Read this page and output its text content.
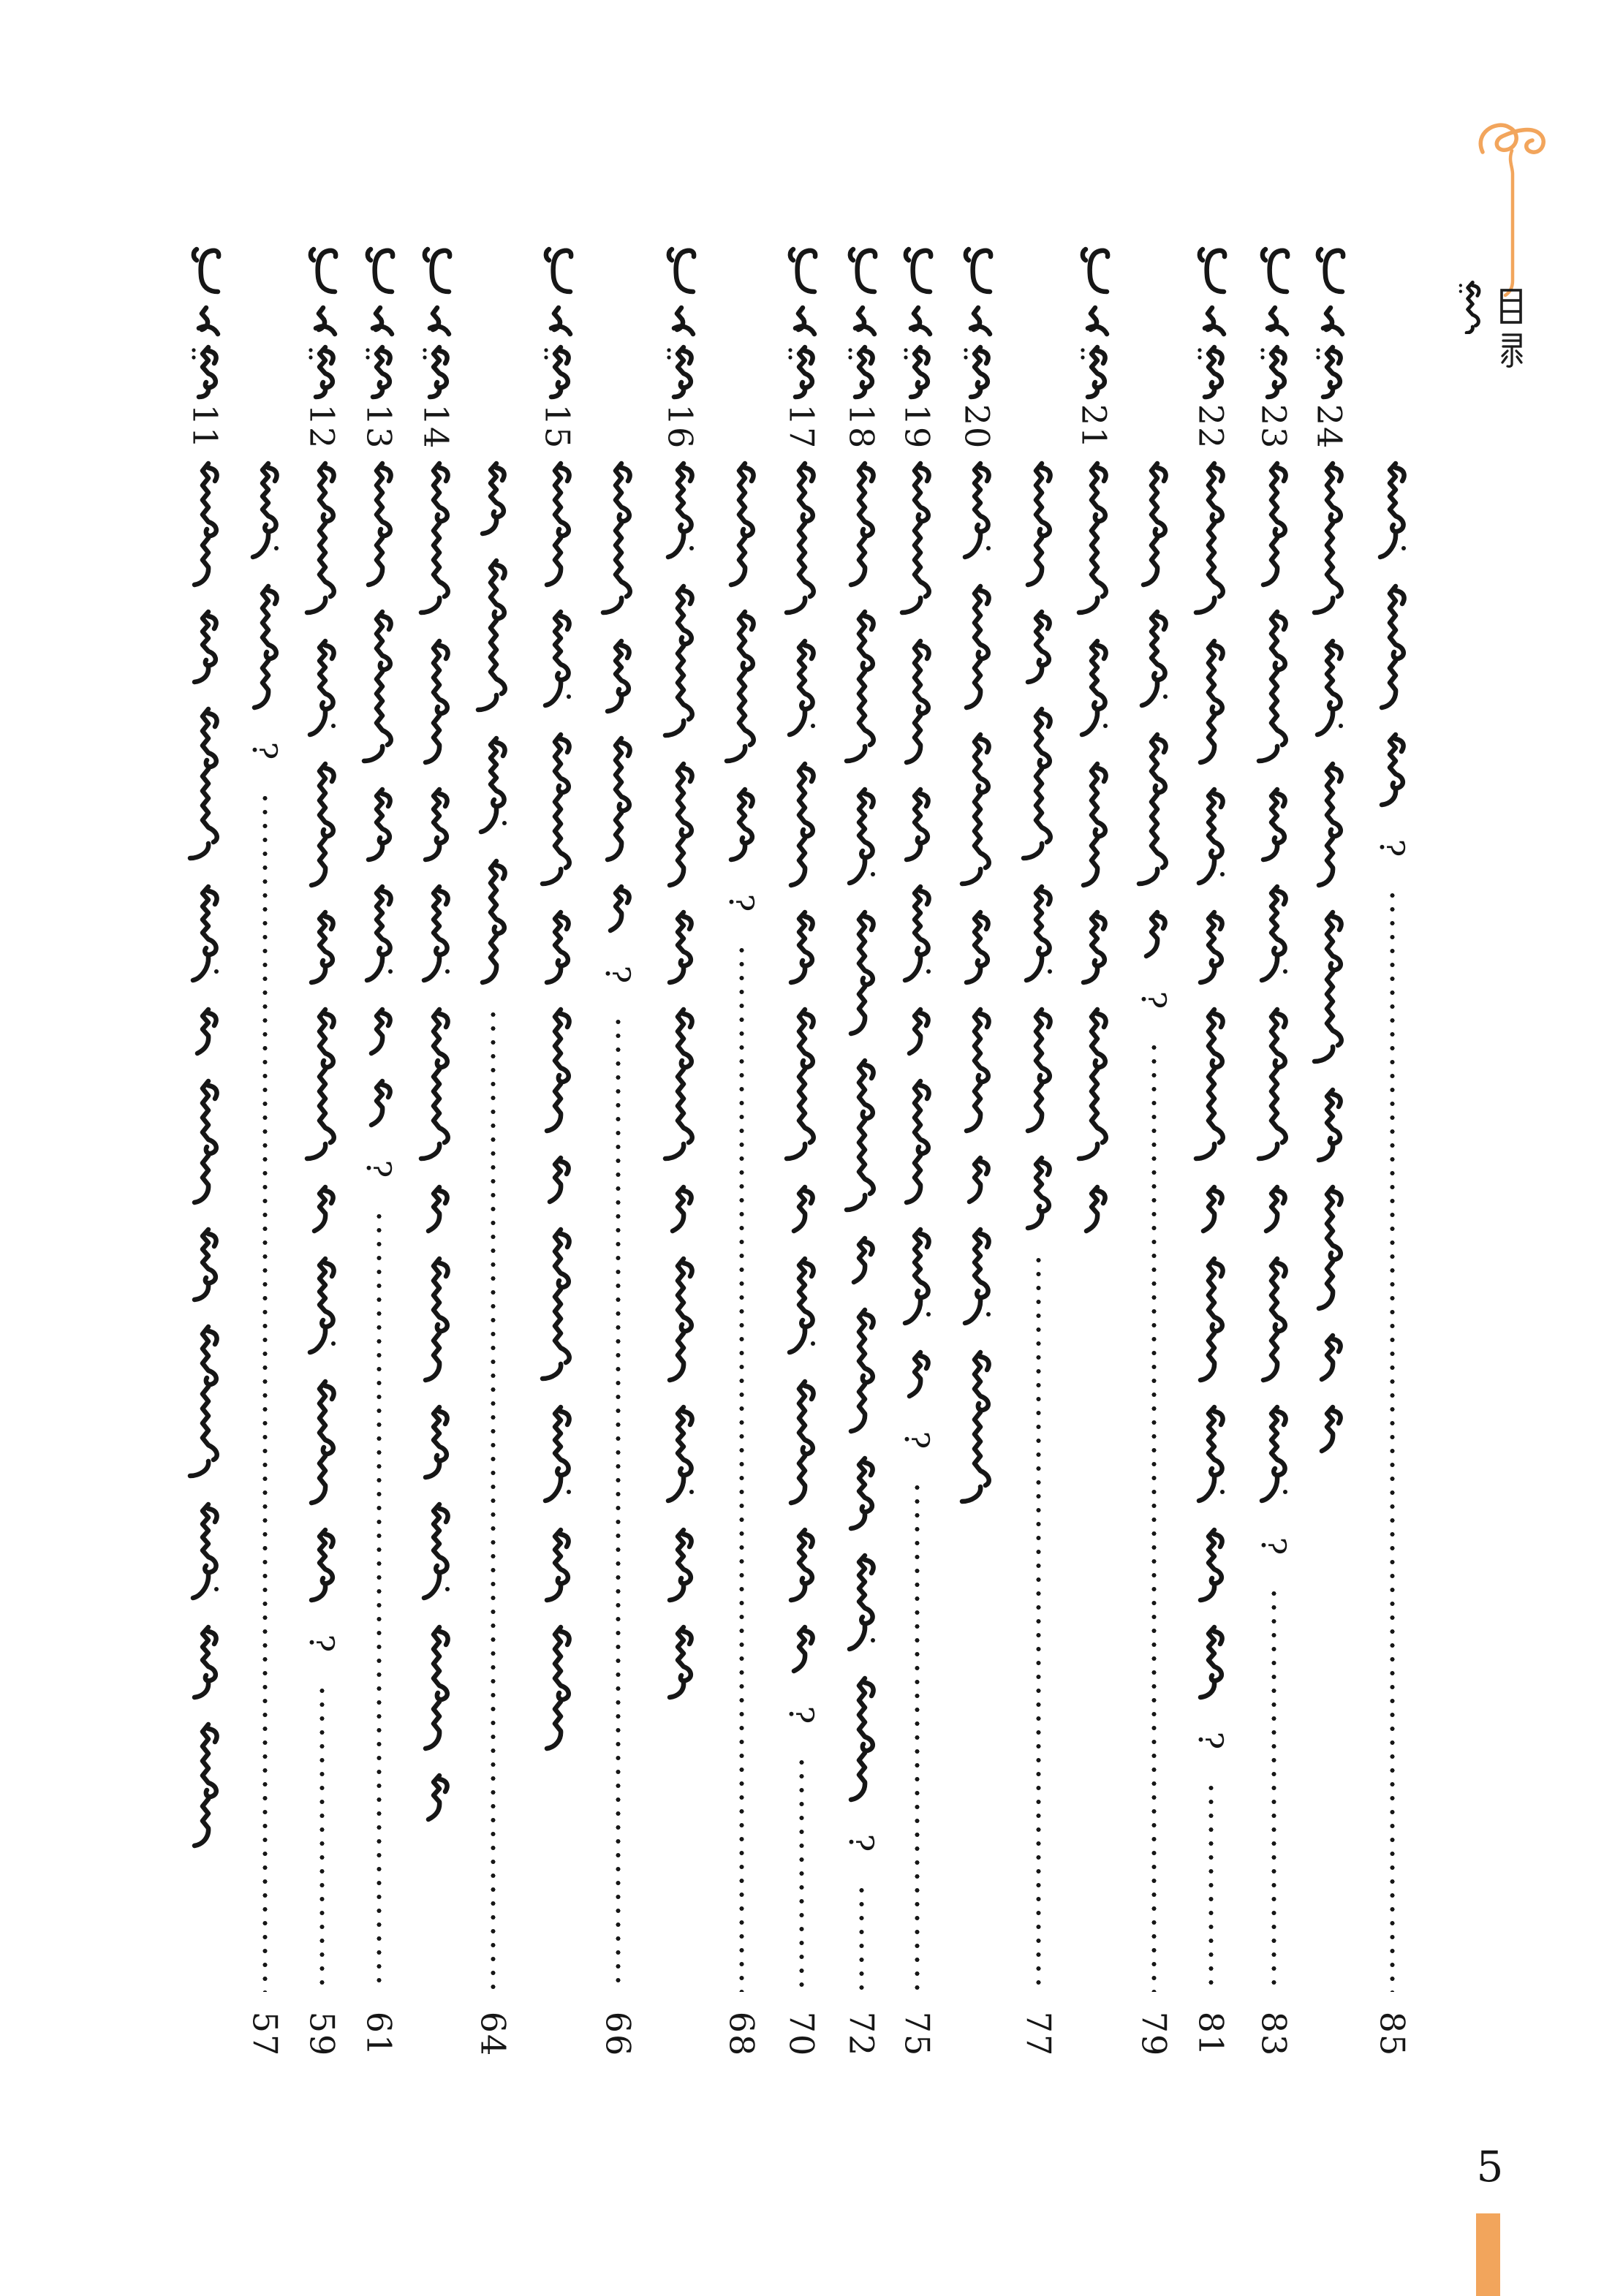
11
?
57
12
?
59
13
?
61
14
64
15
?
66
16
?
68
17
?
70
18
?
72
19
?
75
20
77
21
?
79
22
?
81
23
?
83
24
?
85
5
